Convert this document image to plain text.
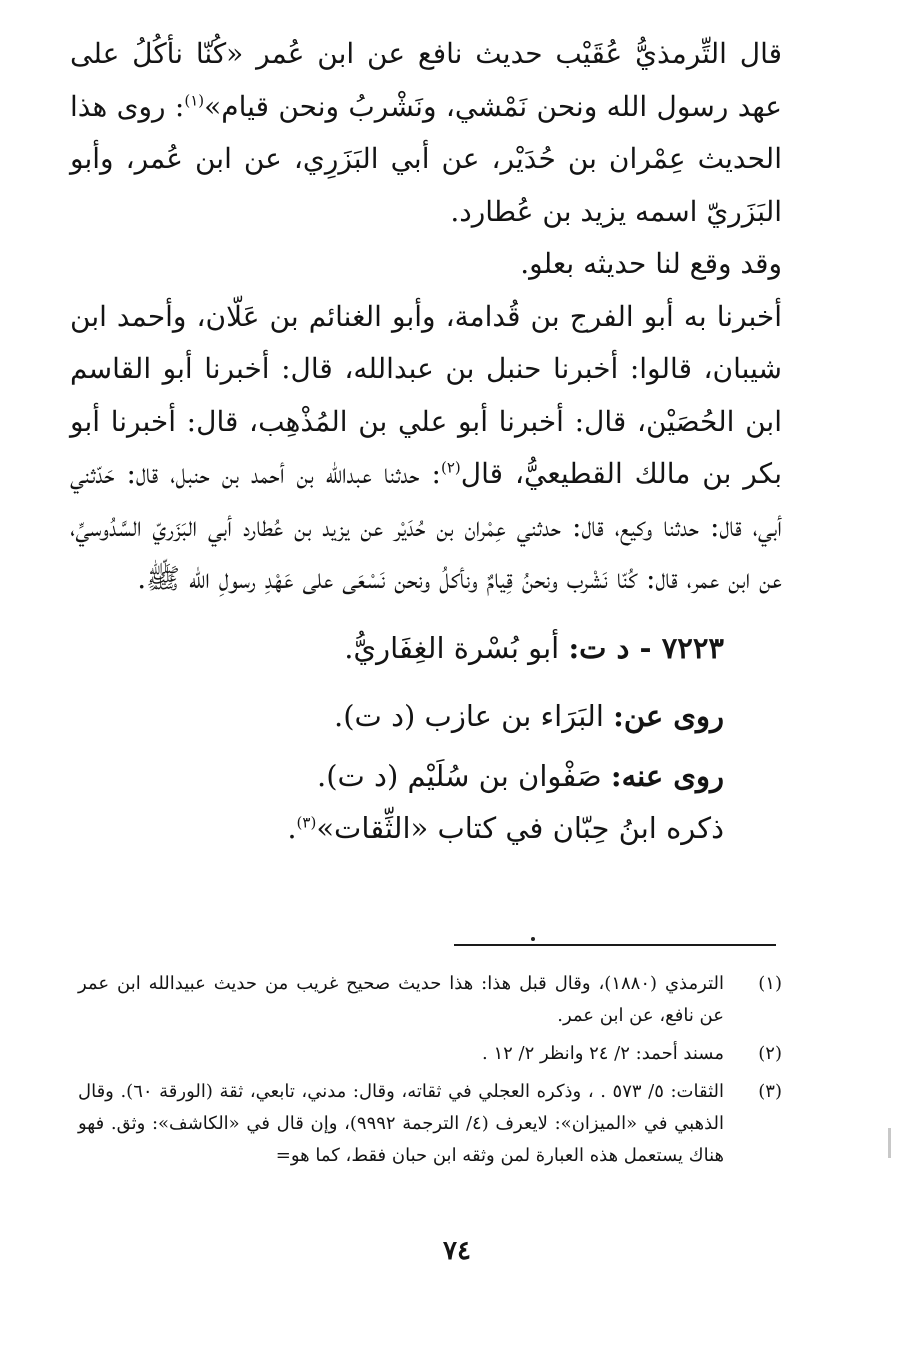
قال التِّرمذيُّ عُقَيْب حديث نافع عن ابن عُمر «كُنّا نأكُلُ على عهد رسول الله ونحن نَمْشي، ونَشْربُ ونحن قيام»$^{(١)}$: روى هذا الحديث عِمْران بن حُدَيْر، عن أبي البَزَرِي، عن ابن عُمر، وأبو البَزَريّ اسمه يزيد بن عُطارد.

وقد وقع لنا حديثه بعلو.

أخبرنا به أبو الفرج بن قُدامة، وأبو الغنائم بن عَلّان، وأحمد ابن شيبان، قالوا: أخبرنا حنبل بن عبدالله، قال: أخبرنا أبو القاسم ابن الحُصَيْن، قال: أخبرنا أبو علي بن المُذْهِب، قال: أخبرنا أبو بكر بن مالك القطيعيُّ، قال$^{(٢)}$: حدثنا عبدالله بن أحمد بن حنبل، قال: حَدّثني أبي، قال: حدثنا وكيع، قال: حدثني عِمْران بن حُدَيْر عن يزيد بن عُطارد أبي البَزَريّ السَّدُوسيِّ، عن ابن عمر، قال: كُنّا نَشْرب ونحنُ قِيامٌ ونأكلُ ونحن نَسْعَى على عَهْدِ رسولِ الله ﷺ.

٧٢٢٣ - د ت: أبو بُسْرة الغِفَاريُّ.

روى عن: البَرَاء بن عازب (د ت).

روى عنه: صَفْوان بن سُلَيْم (د ت).

ذكره ابنُ حِبّان في كتاب «الثِّقات»$^{(٣)}$.

(١)
الترمذي (١٨٨٠)، وقال قبل هذا: هذا حديث صحيح غريب من حديث عبيدالله ابن عمر عن نافع، عن ابن عمر.

(٢)
مسند أحمد: ٢/ ٢٤ وانظر ٢/ ١٢ .

(٣)
الثقات: ٥/ ٥٧٣ . ، وذكره العجلي في ثقاته، وقال: مدني، تابعي، ثقة (الورقة ٦٠). وقال الذهبي في «الميزان»: لايعرف (٤/ الترجمة ٩٩٩٢)، وإن قال في «الكاشف»: وثق. فهو هناك يستعمل هذه العبارة لمن وثقه ابن حبان فقط، كما هو=

٧٤
